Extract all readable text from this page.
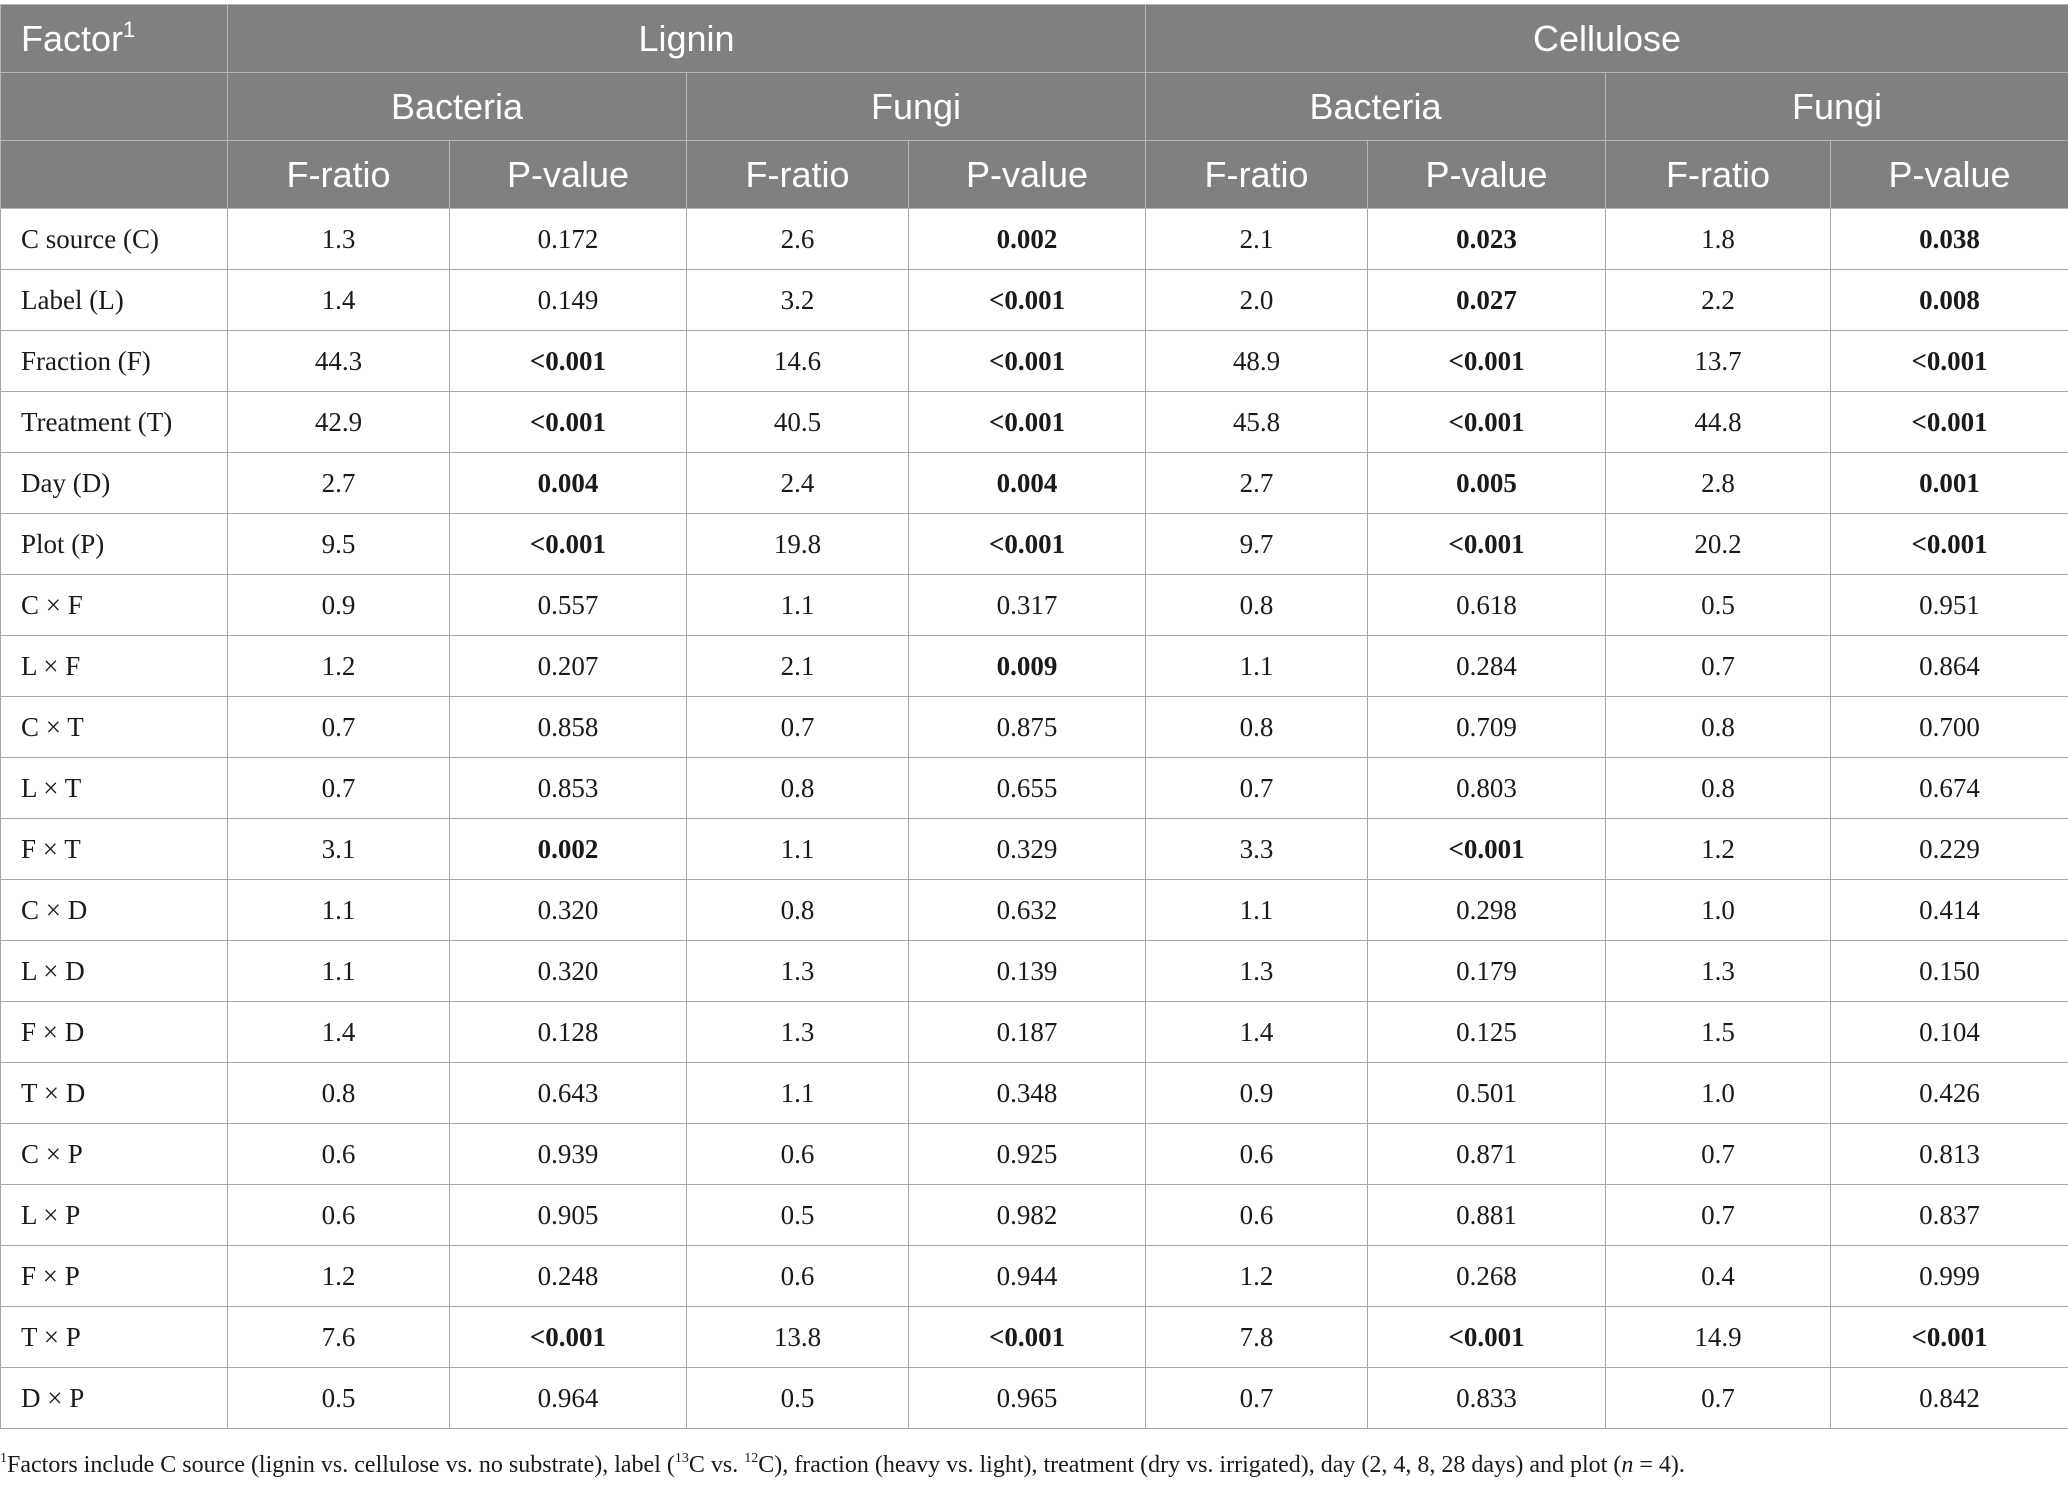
Factor$^1$	Lignin				Cellulose			
	Bacteria		Fungi		Bacteria		Fungi	
	F-ratio	P-value	F-ratio	P-value	F-ratio	P-value	F-ratio	P-value
C source (C)	1.3	0.172	2.6	0.002	2.1	0.023	1.8	0.038
Label (L)	1.4	0.149	3.2	<0.001	2.0	0.027	2.2	0.008
Fraction (F)	44.3	<0.001	14.6	<0.001	48.9	<0.001	13.7	<0.001
Treatment (T)	42.9	<0.001	40.5	<0.001	45.8	<0.001	44.8	<0.001
Day (D)	2.7	0.004	2.4	0.004	2.7	0.005	2.8	0.001
Plot (P)	9.5	<0.001	19.8	<0.001	9.7	<0.001	20.2	<0.001
C × F	0.9	0.557	1.1	0.317	0.8	0.618	0.5	0.951
L × F	1.2	0.207	2.1	0.009	1.1	0.284	0.7	0.864
C × T	0.7	0.858	0.7	0.875	0.8	0.709	0.8	0.700
L × T	0.7	0.853	0.8	0.655	0.7	0.803	0.8	0.674
F × T	3.1	0.002	1.1	0.329	3.3	<0.001	1.2	0.229
C × D	1.1	0.320	0.8	0.632	1.1	0.298	1.0	0.414
L × D	1.1	0.320	1.3	0.139	1.3	0.179	1.3	0.150
F × D	1.4	0.128	1.3	0.187	1.4	0.125	1.5	0.104
T × D	0.8	0.643	1.1	0.348	0.9	0.501	1.0	0.426
C × P	0.6	0.939	0.6	0.925	0.6	0.871	0.7	0.813
L × P	0.6	0.905	0.5	0.982	0.6	0.881	0.7	0.837
F × P	1.2	0.248	0.6	0.944	1.2	0.268	0.4	0.999
T × P	7.6	<0.001	13.8	<0.001	7.8	<0.001	14.9	<0.001
D × P	0.5	0.964	0.5	0.965	0.7	0.833	0.7	0.842
$^1$Factors include C source (lignin vs. cellulose vs. no substrate), label ($^{13}$C vs. $^{12}$C), fraction (heavy vs. light), treatment (dry vs. irrigated), day (2, 4, 8, 28 days) and plot (n = 4).
